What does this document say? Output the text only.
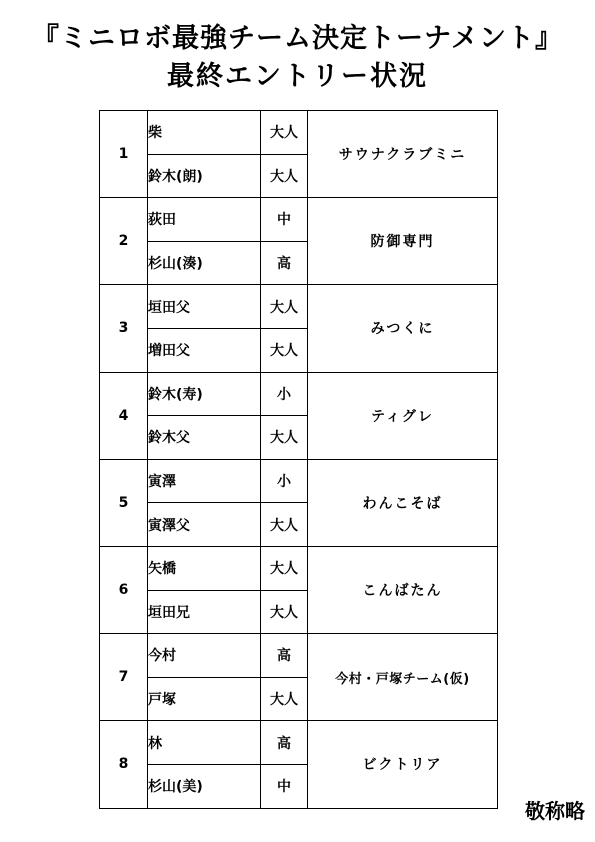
『ミニロボ最強チーム決定トーナメント』
最終エントリー状況
1	柴	大人	サウナクラブミニ
	鈴木(朗)	大人	
2	荻田	中	防御専門
	杉山(湊)	高	
3	垣田父	大人	みつくに
	増田父	大人	
4	鈴木(寿)	小	ティグレ
	鈴木父	大人	
5	寅澤	小	わんこそば
	寅澤父	大人	
6	矢橋	大人	こんばたん
	垣田兄	大人	
7	今村	高	今村・戸塚チーム(仮)
	戸塚	大人	
8	林	高	ビクトリア
	杉山(美)	中	
敬称略
